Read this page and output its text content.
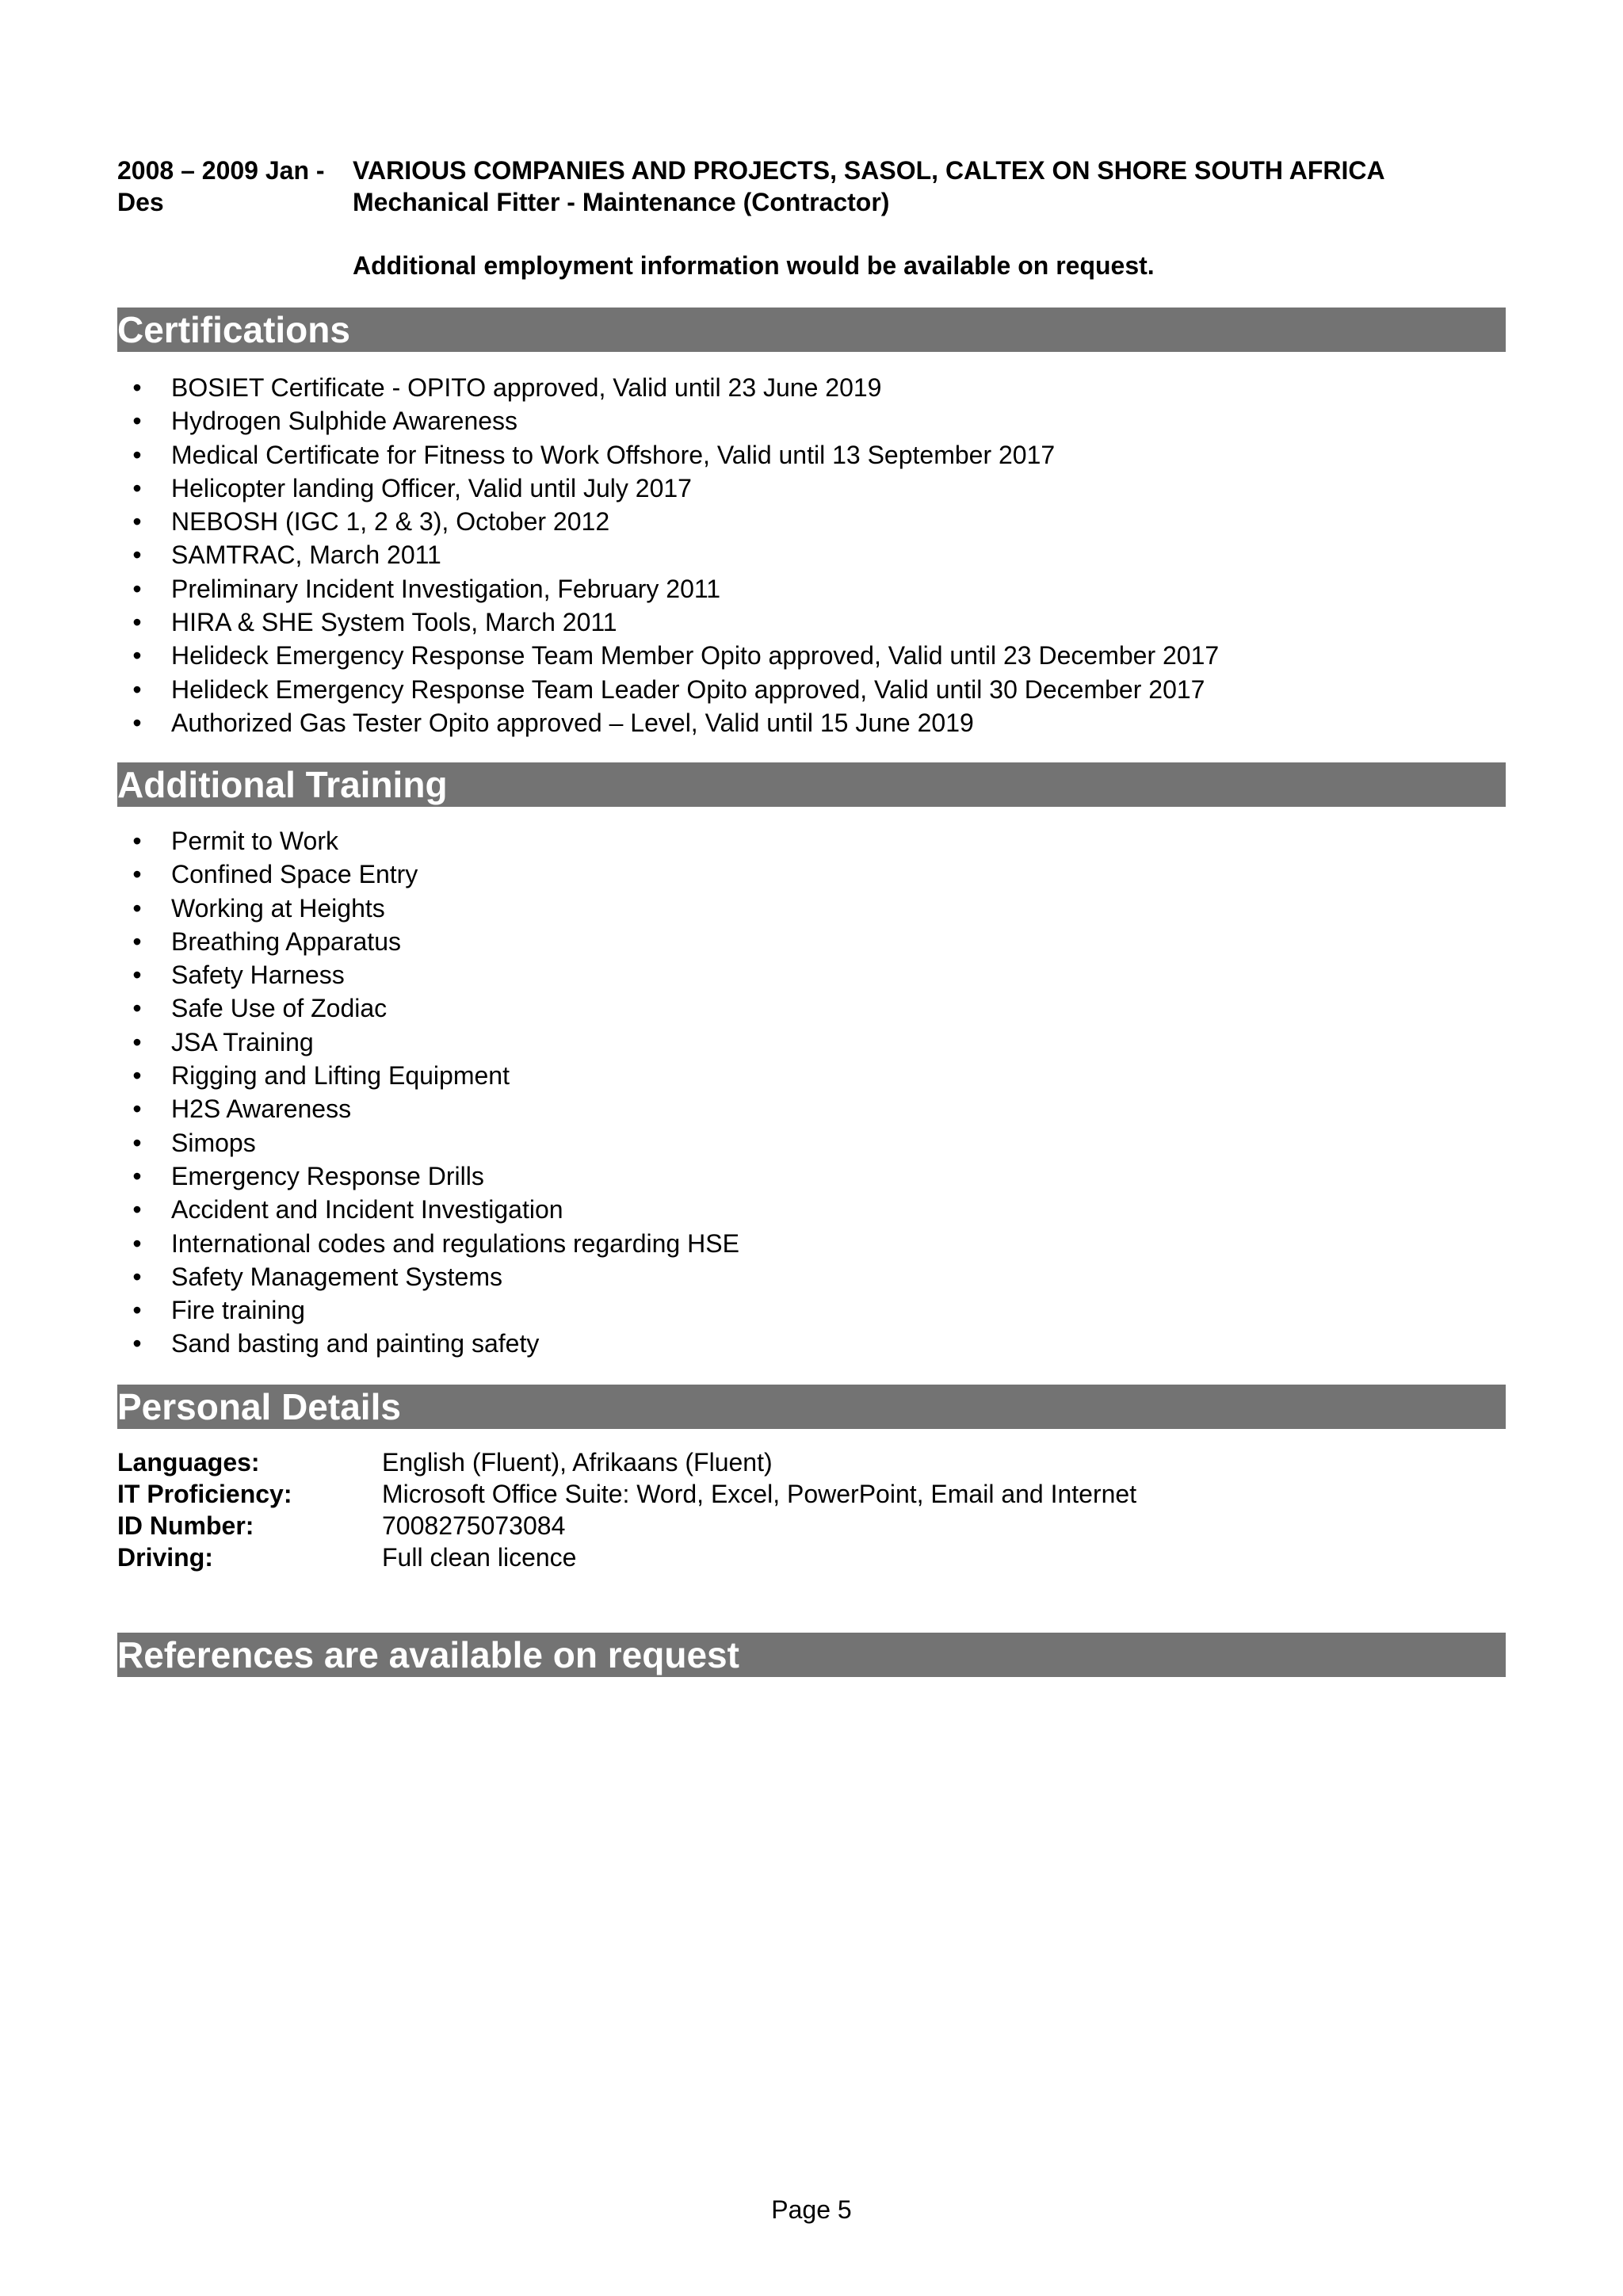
2008 – 2009 Jan -
Des
VARIOUS COMPANIES AND PROJECTS, SASOL, CALTEX ON SHORE SOUTH AFRICA
Mechanical Fitter - Maintenance (Contractor)
Additional employment information would be available on request.
Certifications
• BOSIET Certificate - OPITO approved, Valid until 23 June 2019
• Hydrogen Sulphide Awareness
• Medical Certificate for Fitness to Work Offshore, Valid until 13 September 2017
• Helicopter landing Officer, Valid until July 2017
• NEBOSH (IGC 1, 2 & 3), October 2012
• SAMTRAC, March 2011
• Preliminary Incident Investigation, February 2011
• HIRA & SHE System Tools, March 2011
• Helideck Emergency Response Team Member Opito approved, Valid until 23 December 2017
• Helideck Emergency Response Team Leader Opito approved, Valid until 30 December 2017
• Authorized Gas Tester Opito approved – Level, Valid until 15 June 2019
Additional Training
• Permit to Work
• Confined Space Entry
• Working at Heights
• Breathing Apparatus
• Safety Harness
• Safe Use of Zodiac
• JSA Training
• Rigging and Lifting Equipment
• H2S Awareness
• Simops
• Emergency Response Drills
• Accident and Incident Investigation
• International codes and regulations regarding HSE
• Safety Management Systems
• Fire training
• Sand basting and painting safety
Personal Details
Languages:	English (Fluent), Afrikaans (Fluent)
IT Proficiency:	Microsoft Office Suite: Word, Excel, PowerPoint, Email and Internet
ID Number:	7008275073084
Driving:	Full clean licence
References are available on request
Page 5
